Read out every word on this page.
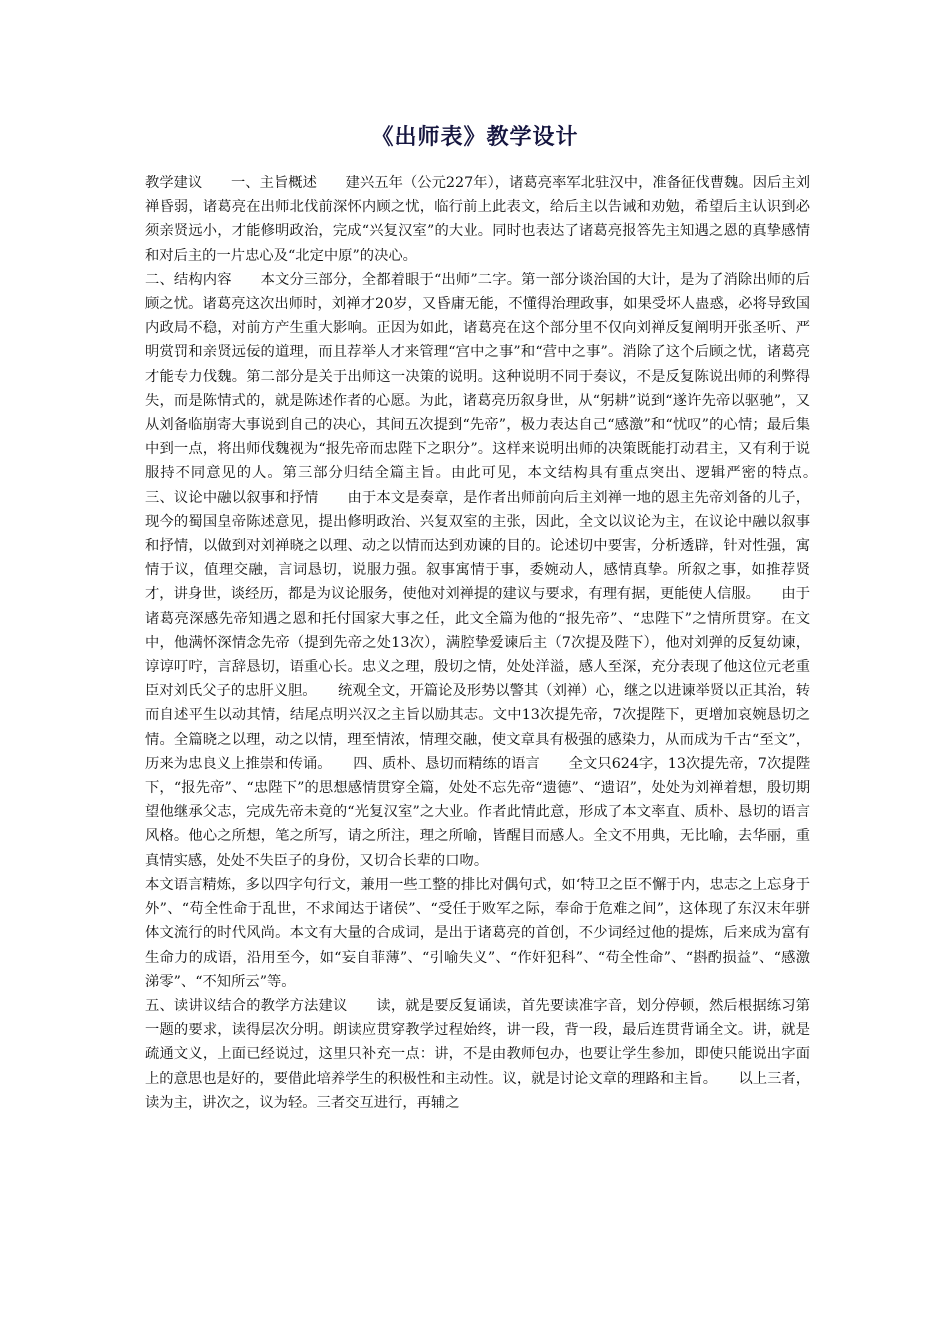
《出师表》教学设计

教学建议　　一、主旨概述　　建兴五年（公元227年），诸葛亮率军北驻汉中，准备征伐曹魏。因后主刘禅昏弱，诸葛亮在出师北伐前深怀内顾之忧，临行前上此表文，给后主以告诫和劝勉，希望后主认识到必须亲贤远小，才能修明政治，完成“兴复汉室”的大业。同时也表达了诸葛亮报答先主知遇之恩的真挚感情和对后主的一片忠心及“北定中原”的决心。

二、结构内容　　本文分三部分，全都着眼于“出师”二字。第一部分谈治国的大计，是为了消除出师的后顾之忧。诸葛亮这次出师时，刘禅才20岁，又昏庸无能，不懂得治理政事，如果受坏人蛊惑，必将导致国内政局不稳，对前方产生重大影响。正因为如此，诸葛亮在这个部分里不仅向刘禅反复阐明开张圣听、严明赏罚和亲贤远佞的道理，而且荐举人才来管理“宫中之事”和“营中之事”。消除了这个后顾之忧，诸葛亮才能专力伐魏。第二部分是关于出师这一决策的说明。这种说明不同于奏议，不是反复陈说出师的利弊得失，而是陈情式的，就是陈述作者的心愿。为此，诸葛亮历叙身世，从“躬耕”说到“遂许先帝以驱驰”，又从刘备临崩寄大事说到自己的决心，其间五次提到“先帝”，极力表达自己“感激”和“忧叹”的心情；最后集中到一点，将出师伐魏视为“报先帝而忠陛下之职分”。这样来说明出师的决策既能打动君主，又有利于说服持不同意见的人。第三部分归结全篇主旨。由此可见，本文结构具有重点突出、逻辑严密的特点。　　三、议论中融以叙事和抒情　　由于本文是奏章，是作者出师前向后主刘禅一地的恩主先帝刘备的儿子，现今的蜀国皇帝陈述意见，提出修明政治、兴复双室的主张，因此，全文以议论为主，在议论中融以叙事和抒情，以做到对刘禅晓之以理、动之以情而达到劝谏的目的。论述切中要害，分析透辟，针对性强，寓情于议，值理交融，言词恳切，说服力强。叙事寓情于事，委婉动人，感情真挚。所叙之事，如推荐贤才，讲身世，谈经历，都是为议论服务，使他对刘禅提的建议与要求，有理有据，更能使人信服。　　由于诸葛亮深感先帝知遇之恩和托付国家大事之任，此文全篇为他的“报先帝”、“忠陛下”之情所贯穿。在文中，他满怀深情念先帝（提到先帝之处13次），满腔挚爱谏后主（7次提及陛下），他对刘弹的反复幼谏，谆谆叮咛，言辞恳切，语重心长。忠义之理，殷切之情，处处洋溢，感人至深，充分表现了他这位元老重臣对刘氏父子的忠肝义胆。　　统观全文，开篇论及形势以警其（刘禅）心，继之以进谏举贤以正其治，转而自述平生以动其情，结尾点明兴汉之主旨以励其志。文中13次提先帝，7次提陛下，更增加哀婉恳切之情。全篇晓之以理，动之以情，理至情浓，情理交融，使文章具有极强的感染力，从而成为千古“至文”，历来为忠良义上推崇和传诵。　　四、质朴、恳切而精练的语言　　全文只624字，13次提先帝，7次提陛下，“报先帝”、“忠陛下”的思想感情贯穿全篇，处处不忘先帝“遗德”、“遗诏”，处处为刘禅着想，殷切期望他继承父志，完成先帝未竟的“光复汉室”之大业。作者此情此意，形成了本文率直、质朴、恳切的语言风格。他心之所想，笔之所写，请之所注，理之所喻，皆醒目而感人。全文不用典，无比喻，去华丽，重真情实感，处处不失臣子的身份，又切合长辈的口吻。

本文语言精炼，多以四字句行文，兼用一些工整的排比对偶句式，如‘特卫之臣不懈于内，忠志之上忘身于外”、“苟全性命于乱世，不求闻达于诸侯”、“受任于败军之际，奉命于危难之间”，这体现了东汉末年骈体文流行的时代风尚。本文有大量的合成词，是出于诸葛亮的首创，不少词经过他的提炼，后来成为富有生命力的成语，沿用至今，如“妄自菲薄”、“引喻失义”、“作奸犯科”、“苟全性命”、“斟酌损益”、“感激涕零”、“不知所云”等。

五、读讲议结合的教学方法建议　　读，就是要反复诵读，首先要读准字音，划分停顿，然后根据练习第一题的要求，读得层次分明。朗读应贯穿教学过程始终，讲一段，背一段，最后连贯背诵全文。讲，就是疏通文义，上面已经说过，这里只补充一点：讲，不是由教师包办，也要让学生参加，即使只能说出字面上的意思也是好的，要借此培养学生的积极性和主动性。议，就是讨论文章的理路和主旨。　　以上三者，读为主，讲次之，议为轻。三者交互进行，再辅之
